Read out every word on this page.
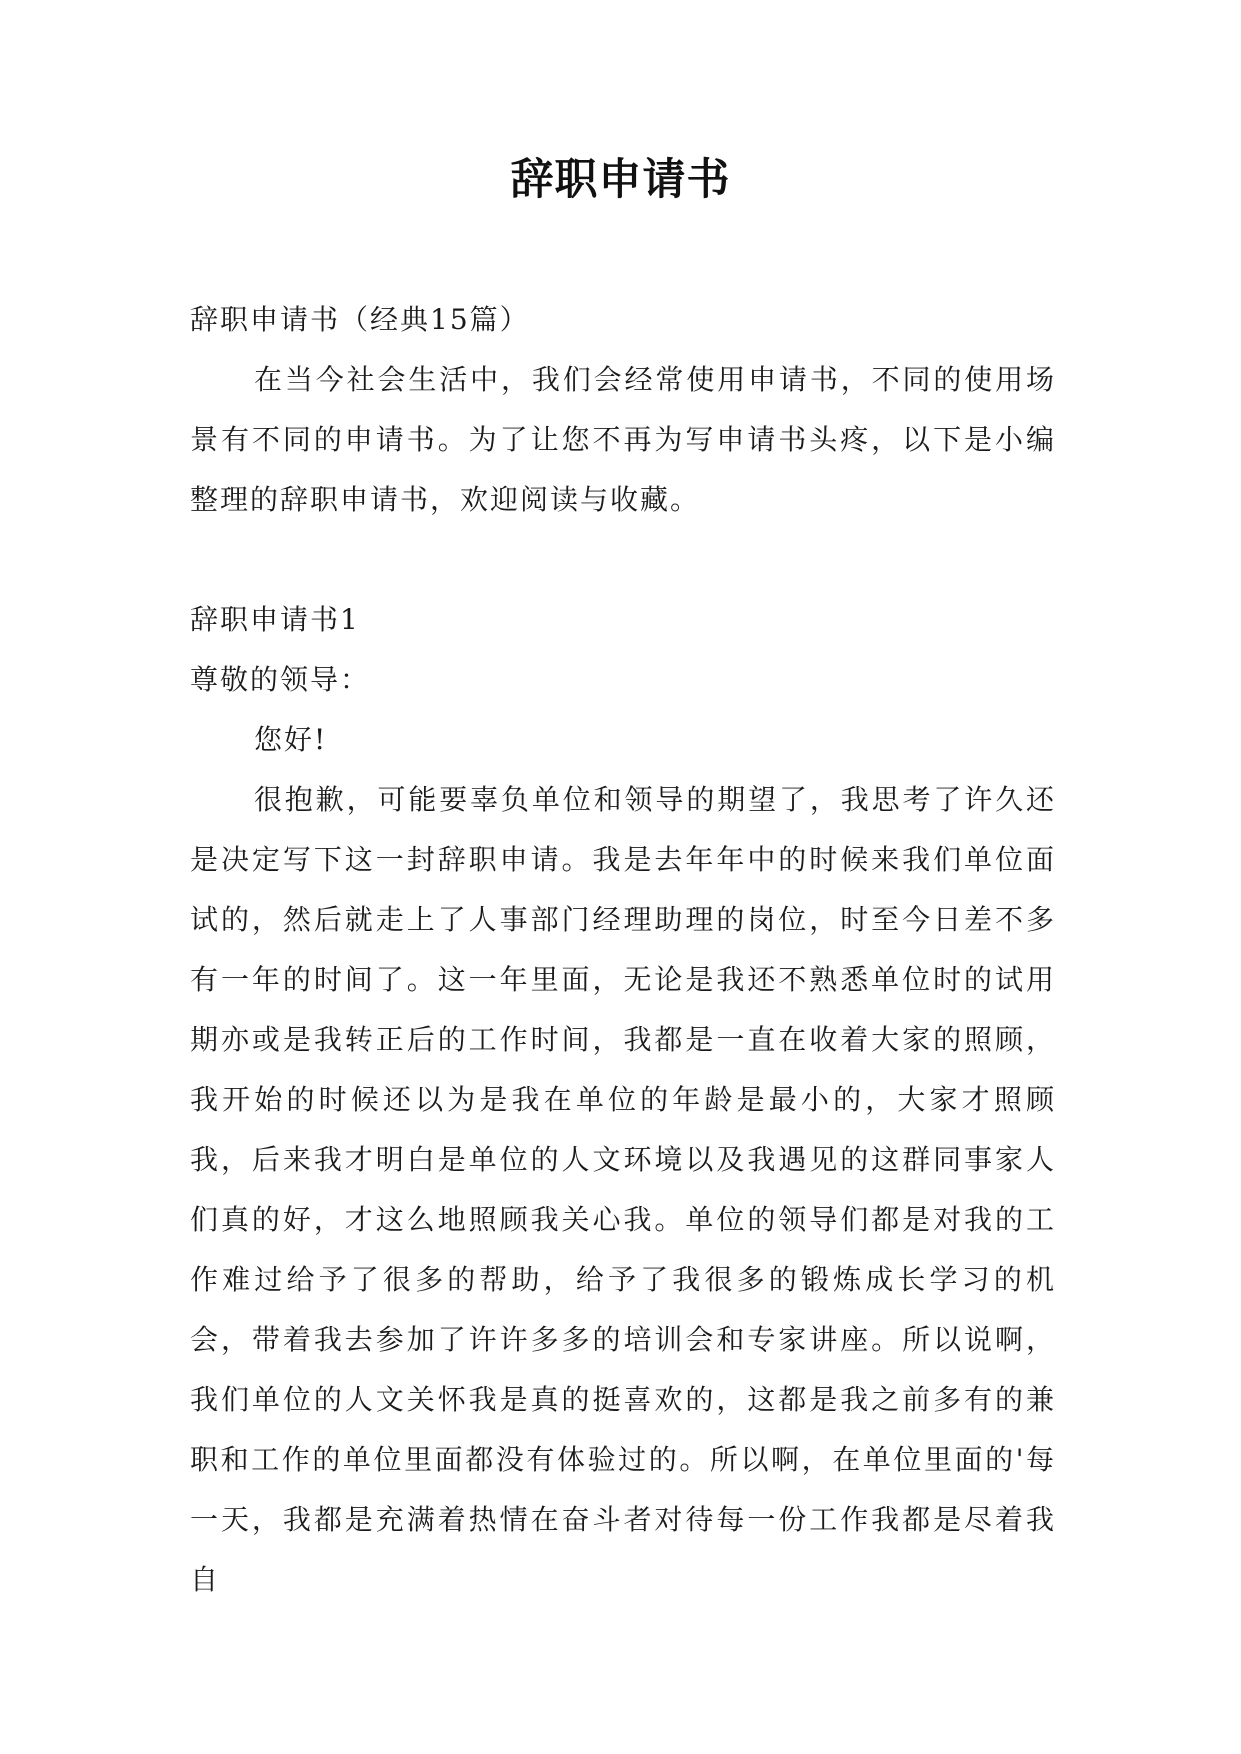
辞职申请书

辞职申请书（经典15篇）

在当今社会生活中，我们会经常使用申请书，不同的使用场景有不同的申请书。为了让您不再为写申请书头疼，以下是小编整理的辞职申请书，欢迎阅读与收藏。

辞职申请书1

尊敬的领导：

您好!

很抱歉，可能要辜负单位和领导的期望了，我思考了许久还是决定写下这一封辞职申请。我是去年年中的时候来我们单位面试的，然后就走上了人事部门经理助理的岗位，时至今日差不多有一年的时间了。这一年里面，无论是我还不熟悉单位时的试用期亦或是我转正后的工作时间，我都是一直在收着大家的照顾，我开始的时候还以为是我在单位的年龄是最小的，大家才照顾我，后来我才明白是单位的人文环境以及我遇见的这群同事家人们真的好，才这么地照顾我关心我。单位的领导们都是对我的工作难过给予了很多的帮助，给予了我很多的锻炼成长学习的机会，带着我去参加了许许多多的培训会和专家讲座。所以说啊，我们单位的人文关怀我是真的挺喜欢的，这都是我之前多有的兼职和工作的单位里面都没有体验过的。所以啊，在单位里面的'每一天，我都是充满着热情在奋斗者对待每一份工作我都是尽着我自
